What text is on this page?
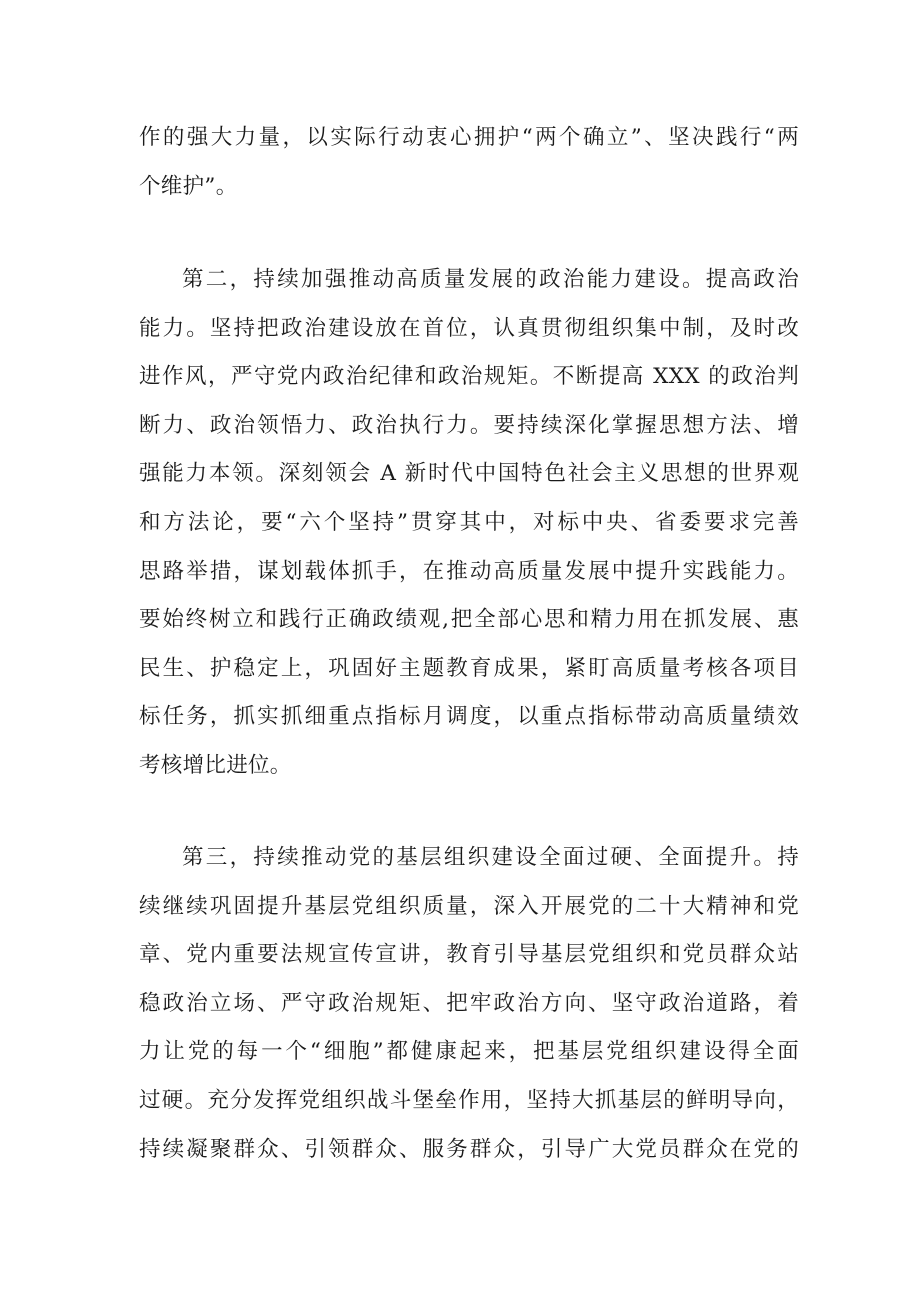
作的强大力量，以实际行动衷心拥护“两个确立”、坚决践行“两
个维护”。
第二，持续加强推动高质量发展的政治能力建设。提高政治
能力。坚持把政治建设放在首位，认真贯彻组织集中制，及时改
进作风，严守党内政治纪律和政治规矩。不断提高 XXX 的政治判
断力、政治领悟力、政治执行力。要持续深化掌握思想方法、增
强能力本领。深刻领会 A 新时代中国特色社会主义思想的世界观
和方法论，要“六个坚持”贯穿其中，对标中央、省委要求完善
思路举措，谋划载体抓手，在推动高质量发展中提升实践能力。
要始终树立和践行正确政绩观,把全部心思和精力用在抓发展、惠
民生、护稳定上，巩固好主题教育成果，紧盯高质量考核各项目
标任务，抓实抓细重点指标月调度，以重点指标带动高质量绩效
考核增比进位。
第三，持续推动党的基层组织建设全面过硬、全面提升。持
续继续巩固提升基层党组织质量，深入开展党的二十大精神和党
章、党内重要法规宣传宣讲，教育引导基层党组织和党员群众站
稳政治立场、严守政治规矩、把牢政治方向、坚守政治道路，着
力让党的每一个“细胞”都健康起来，把基层党组织建设得全面
过硬。充分发挥党组织战斗堡垒作用，坚持大抓基层的鲜明导向，
持续凝聚群众、引领群众、服务群众，引导广大党员群众在党的
